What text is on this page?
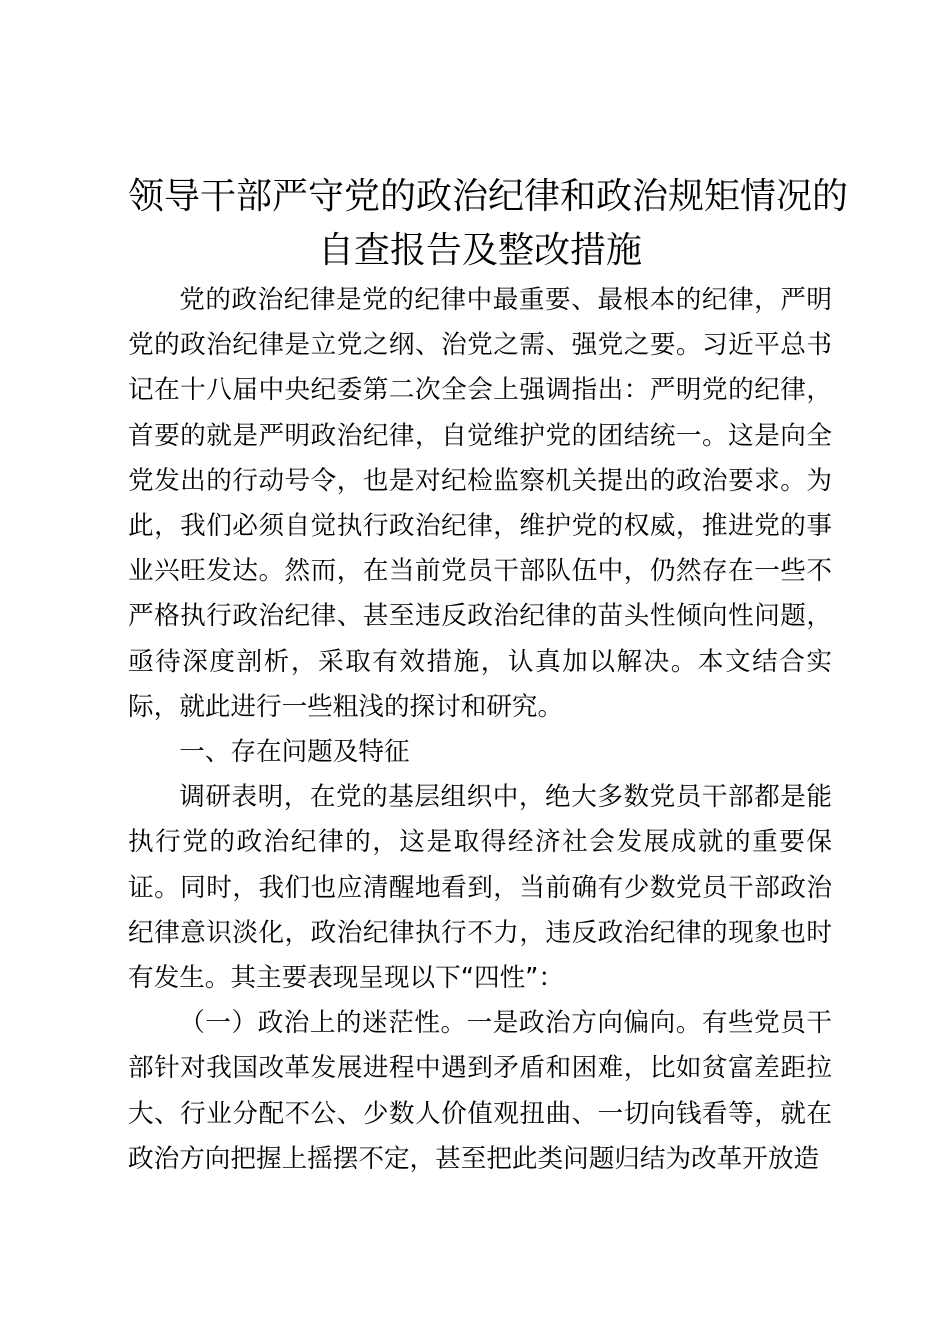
领导干部严守党的政治纪律和政治规矩情况的
自查报告及整改措施

党的政治纪律是党的纪律中最重要、最根本的纪律，严明党的政治纪律是立党之纲、治党之需、强党之要。习近平总书记在十八届中央纪委第二次全会上强调指出：严明党的纪律，首要的就是严明政治纪律，自觉维护党的团结统一。这是向全党发出的行动号令，也是对纪检监察机关提出的政治要求。为此，我们必须自觉执行政治纪律，维护党的权威，推进党的事业兴旺发达。然而，在当前党员干部队伍中，仍然存在一些不严格执行政治纪律、甚至违反政治纪律的苗头性倾向性问题，亟待深度剖析，采取有效措施，认真加以解决。本文结合实际，就此进行一些粗浅的探讨和研究。

一、存在问题及特征

调研表明，在党的基层组织中，绝大多数党员干部都是能执行党的政治纪律的，这是取得经济社会发展成就的重要保证。同时，我们也应清醒地看到，当前确有少数党员干部政治纪律意识淡化，政治纪律执行不力，违反政治纪律的现象也时有发生。其主要表现呈现以下“四性”：

（一）政治上的迷茫性。一是政治方向偏向。有些党员干部针对我国改革发展进程中遇到矛盾和困难，比如贫富差距拉大、行业分配不公、少数人价值观扭曲、一切向钱看等，就在政治方向把握上摇摆不定，甚至把此类问题归结为改革开放造
